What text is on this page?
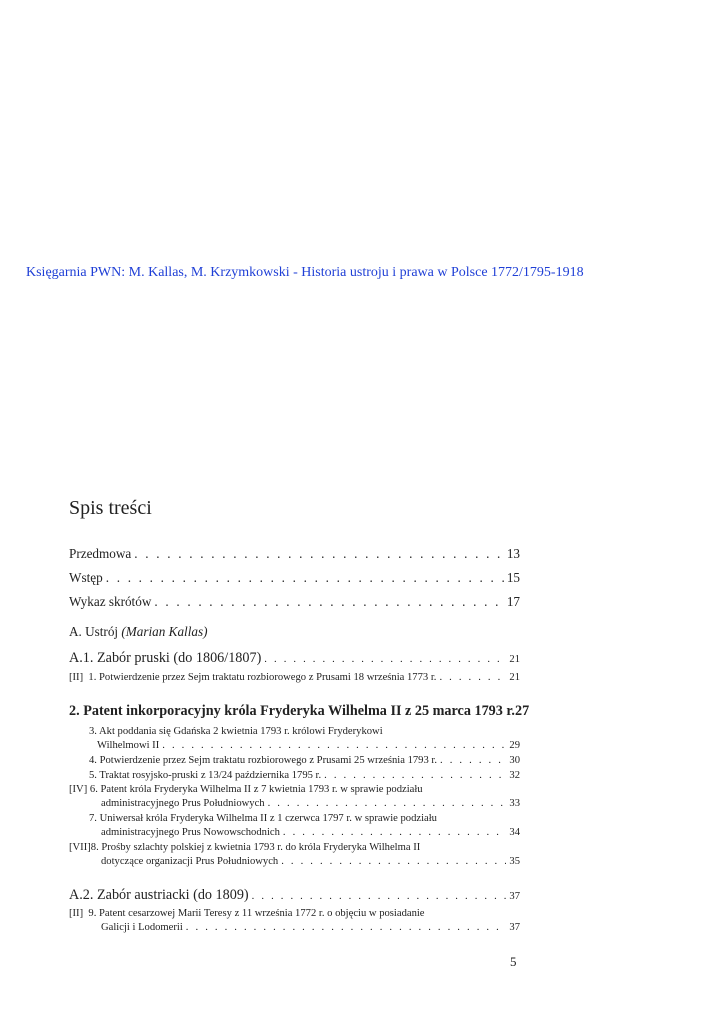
Księgarnia PWN: M. Kallas, M. Krzymkowski - Historia ustroju i prawa w Polsce 1772/1795-1918
Spis treści
Przedmowa . . .	13
Wstęp . . .	15
Wykaz skrótów . . .	17
A. Ustrój (Marian Kallas)
A.1. Zabór pruski (do 1806/1807) . . .	21
[II] 1. Potwierdzenie przez Sejm traktatu rozbiorowego z Prusami 18 września 1773 r. . . .	21
2. Patent inkorporacyjny króla Fryderyka Wilhelma II z 25 marca 1793 r. 27
3. Akt poddania się Gdańska 2 kwietnia 1793 r. królowi Fryderykowi
Wilhelmowi II . . .	29
4. Potwierdzenie przez Sejm traktatu rozbiorowego z Prusami 25 września 1793 r. . . .	30
5. Traktat rosyjsko-pruski z 13/24 października 1795 r. . . .	32
[IV] 6. Patent króla Fryderyka Wilhelma II z 7 kwietnia 1793 r. w sprawie podziału
administracyjnego Prus Południowych . . .	33
7. Uniwersał króla Fryderyka Wilhelma II z 1 czerwca 1797 r. w sprawie podziału
administracyjnego Prus Nowowschodnich . . .	34
[VII]8. Prośby szlachty polskiej z kwietnia 1793 r. do króla Fryderyka Wilhelma II
dotyczące organizacji Prus Południowych . . .	35
A.2. Zabór austriacki (do 1809) . . .	37
[II] 9. Patent cesarzowej Marii Teresy z 11 września 1772 r. o objęciu w posiadanie
Galicji i Lodomerii . . .	37
5
